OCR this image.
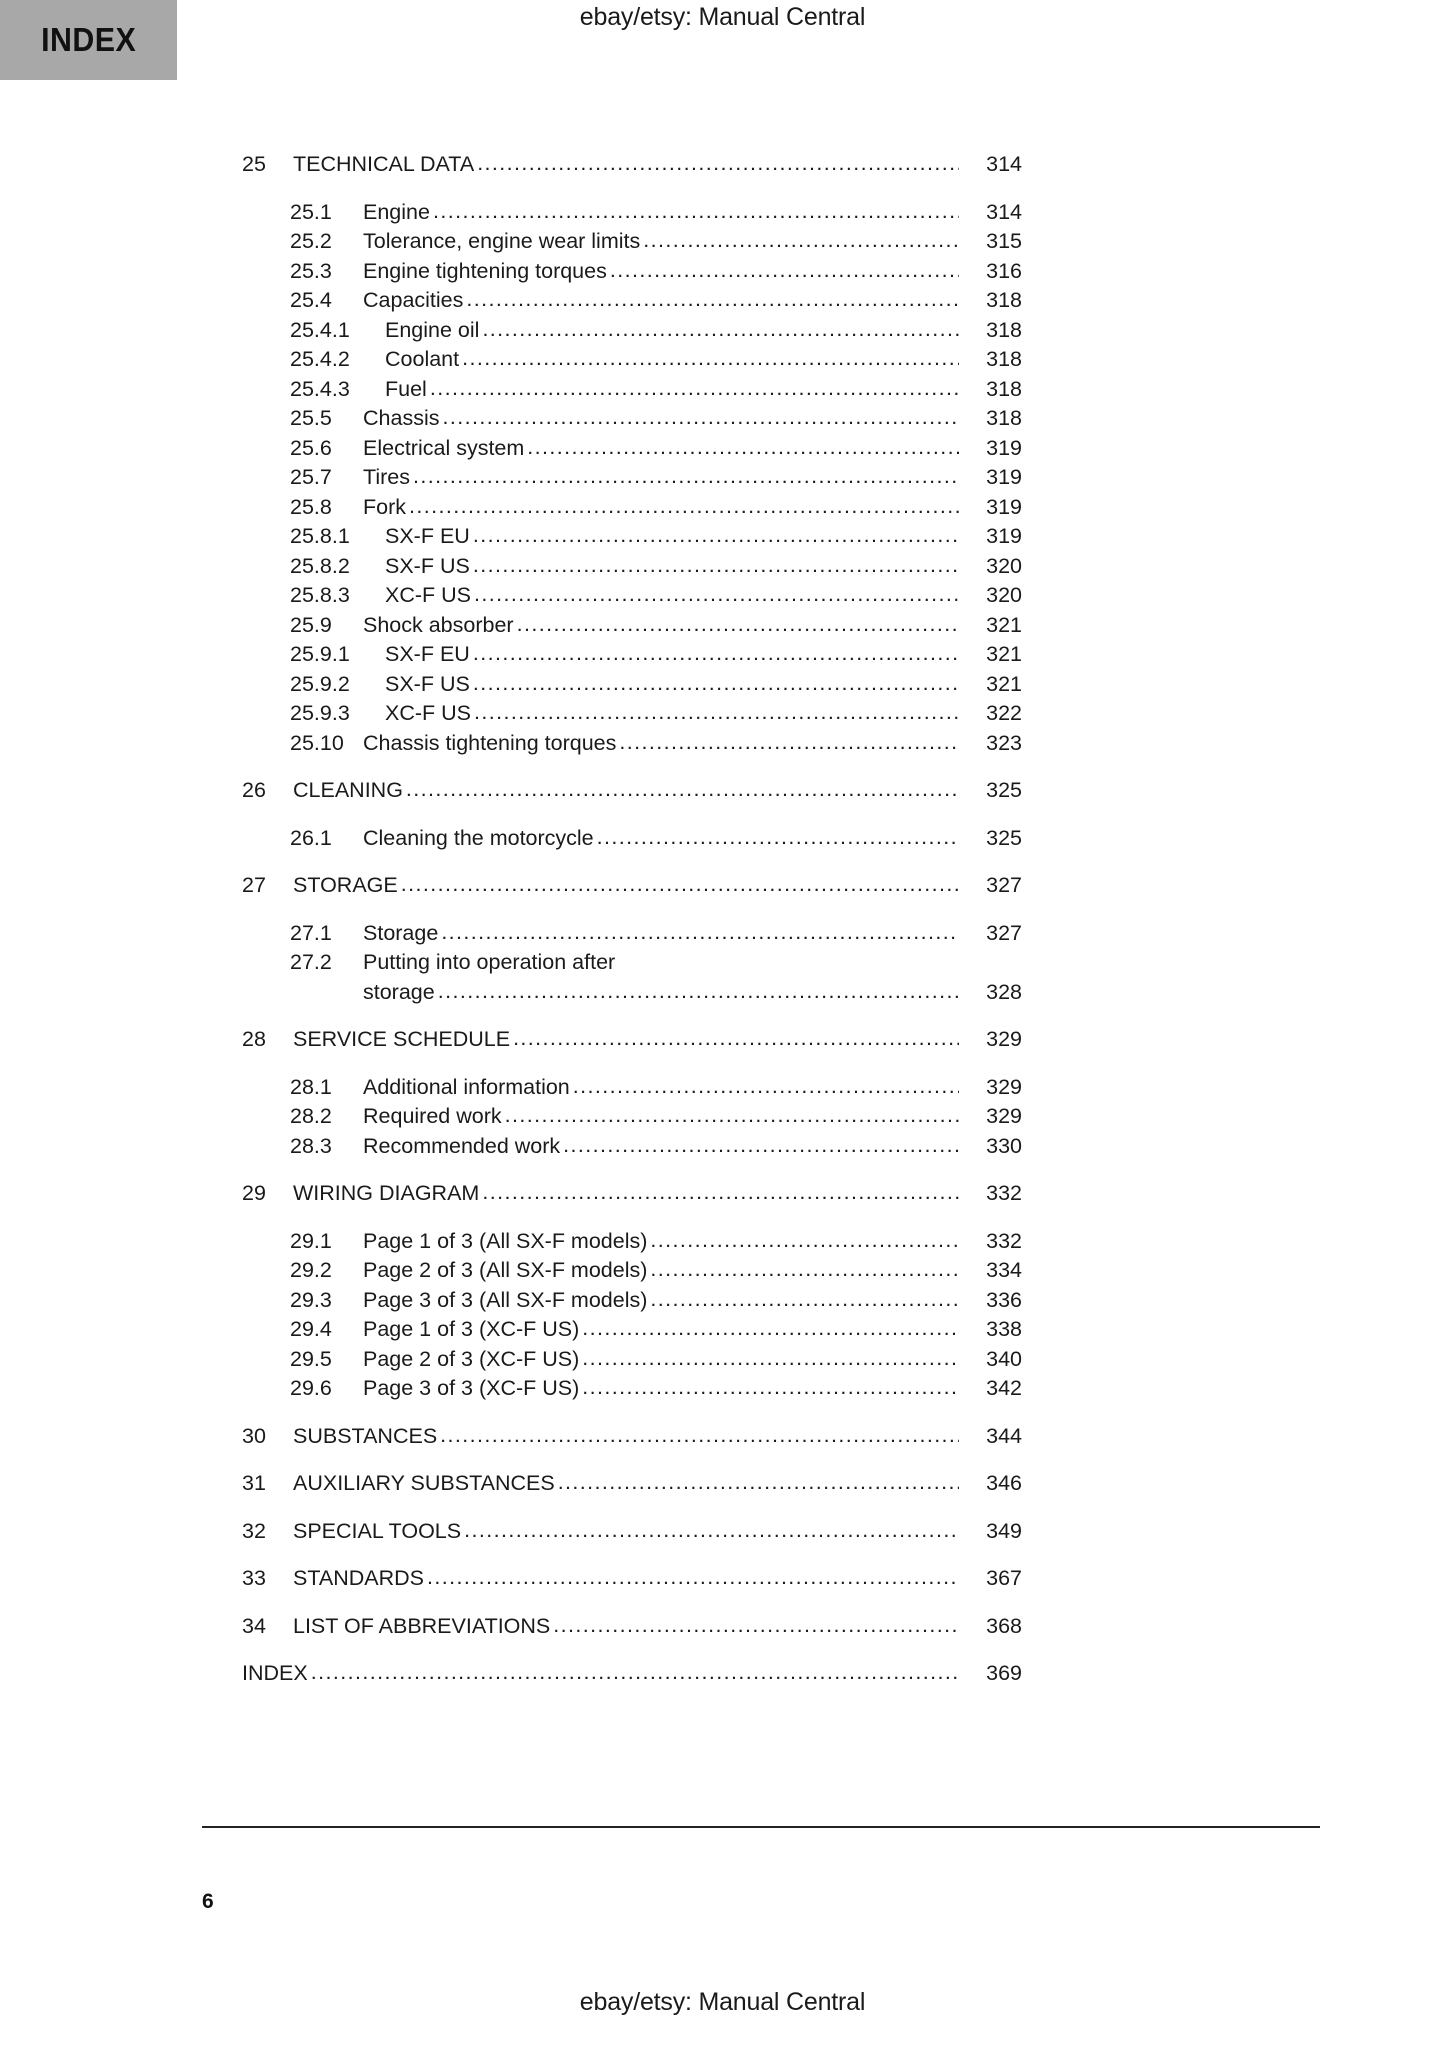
ebay/etsy: Manual Central
INDEX
25	TECHNICAL DATA .....	314
25.1	Engine .....	314
25.2	Tolerance, engine wear limits .....	315
25.3	Engine tightening torques .....	316
25.4	Capacities .....	318
25.4.1	Engine oil .....	318
25.4.2	Coolant .....	318
25.4.3	Fuel .....	318
25.5	Chassis .....	318
25.6	Electrical system .....	319
25.7	Tires .....	319
25.8	Fork .....	319
25.8.1	SX-F EU .....	319
25.8.2	SX-F US .....	320
25.8.3	XC-F US .....	320
25.9	Shock absorber .....	321
25.9.1	SX-F EU .....	321
25.9.2	SX-F US .....	321
25.9.3	XC-F US .....	322
25.10 Chassis tightening torques .....	323
26	CLEANING .....	325
26.1	Cleaning the motorcycle .....	325
27	STORAGE .....	327
27.1	Storage .....	327
27.2	Putting into operation after
storage .....	328
28	SERVICE SCHEDULE .....	329
28.1	Additional information .....	329
28.2	Required work .....	329
28.3	Recommended work .....	330
29	WIRING DIAGRAM .....	332
29.1	Page 1 of 3 (All SX-F models) .....	332
29.2	Page 2 of 3 (All SX-F models) .....	334
29.3	Page 3 of 3 (All SX-F models) .....	336
29.4	Page 1 of 3 (XC-F US) .....	338
29.5	Page 2 of 3 (XC-F US) .....	340
29.6	Page 3 of 3 (XC-F US) .....	342
30	SUBSTANCES .....	344
31	AUXILIARY SUBSTANCES .....	346
32	SPECIAL TOOLS .....	349
33	STANDARDS .....	367
34	LIST OF ABBREVIATIONS .....	368
INDEX .....	369
6
ebay/etsy: Manual Central
